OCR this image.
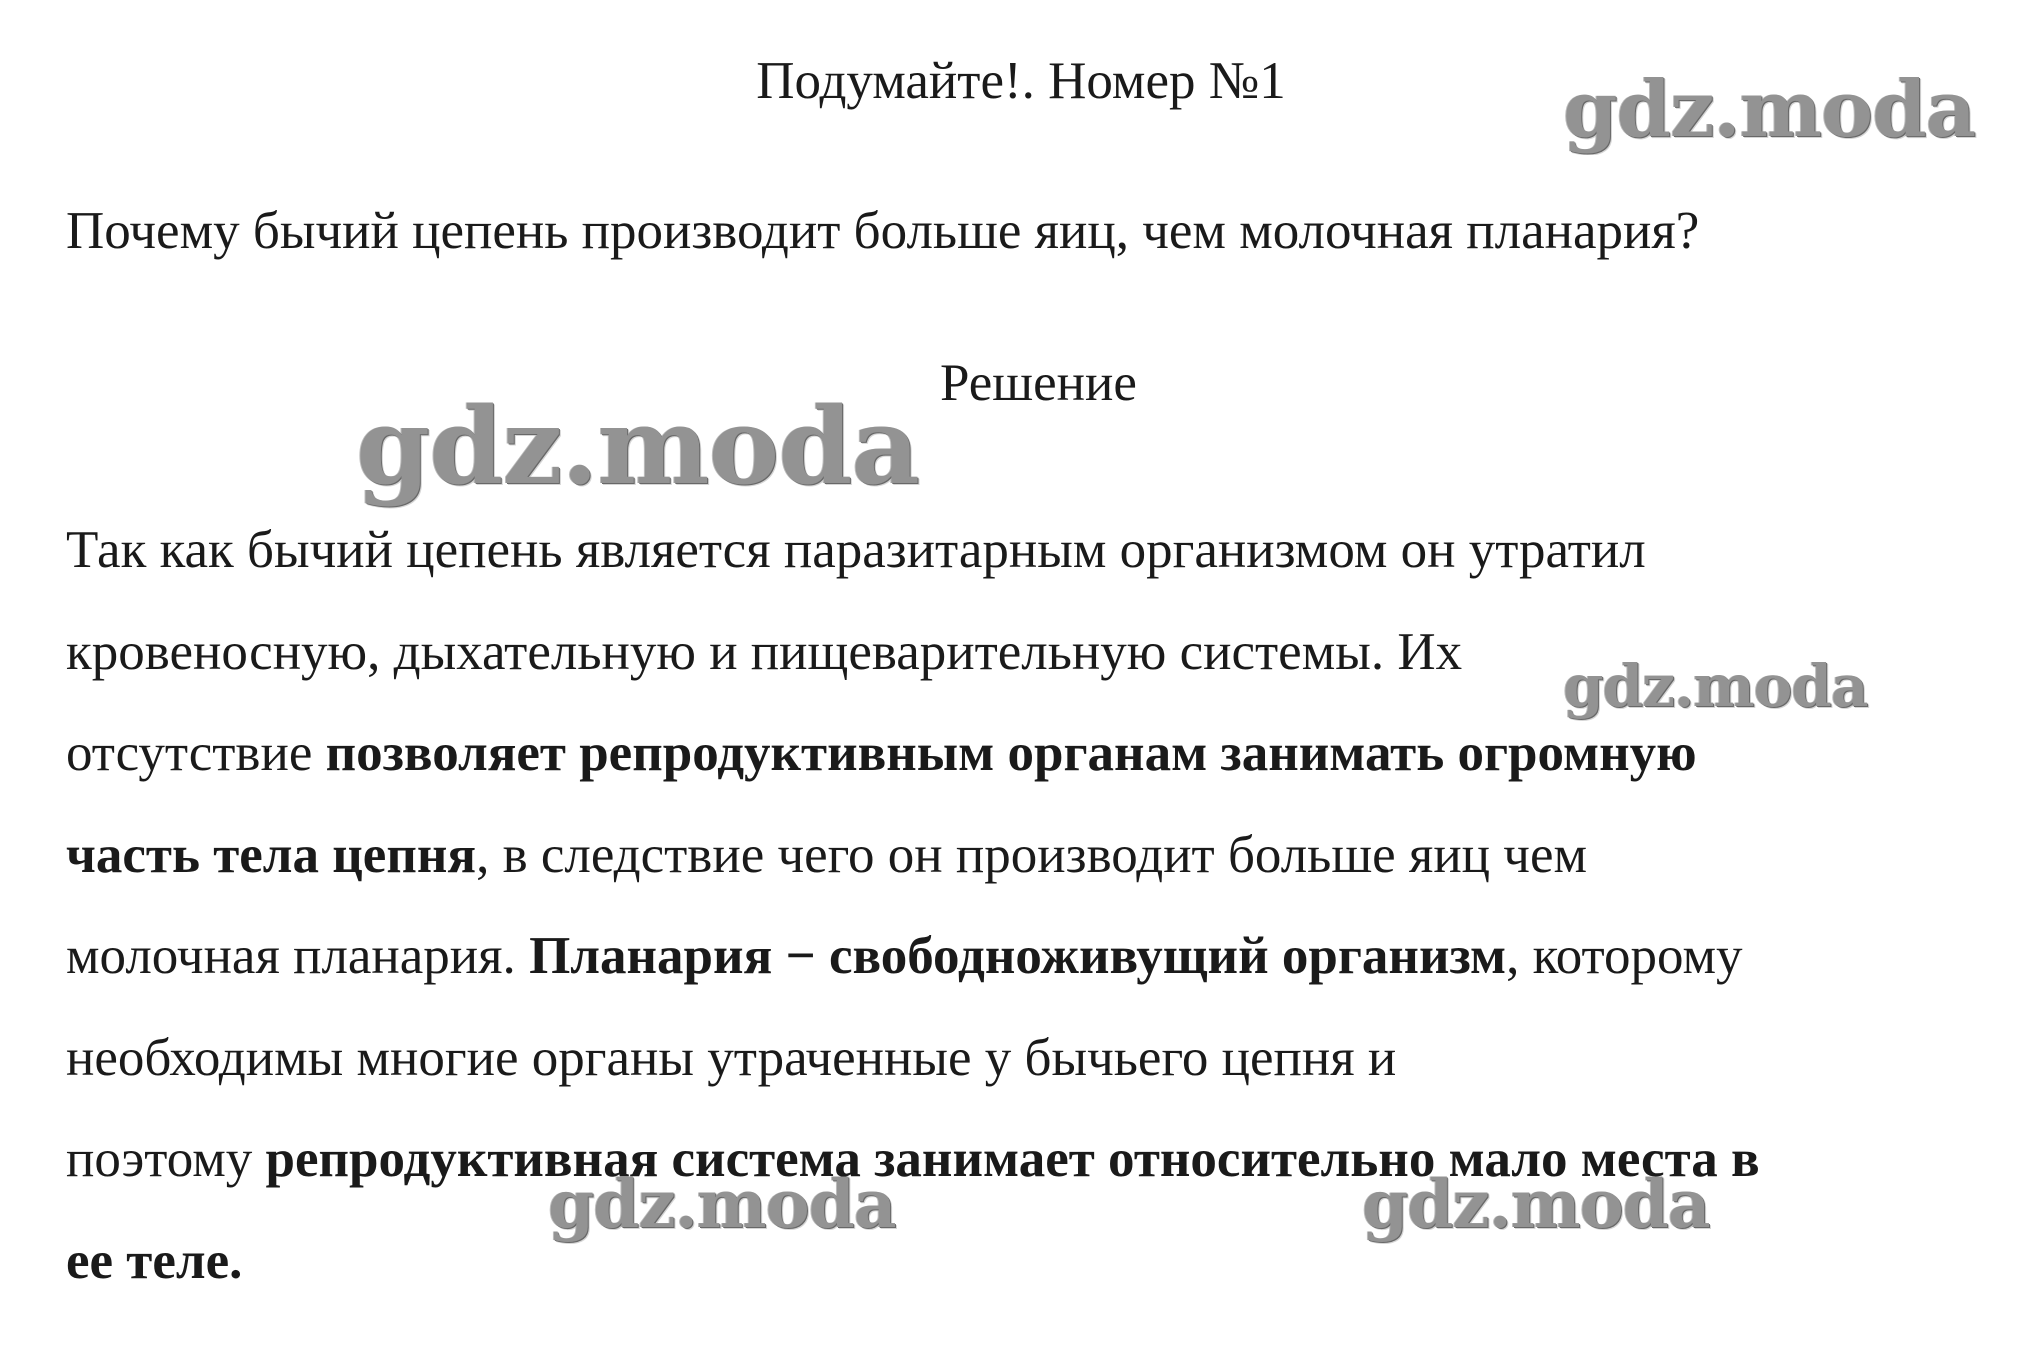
Подумайте!. Номер №1

Почему бычий цепень производит больше яиц, чем молочная планария?

Решение

Так как бычий цепень является паразитарным организмом он утратил
кровеносную, дыхательную и пищеварительную системы. Их
отсутствие позволяет репродуктивным органам занимать огромную
часть тела цепня, в следствие чего он производит больше яиц чем
молочная планария. Планария − свободноживущий организм, которому
необходимы многие органы утраченные у бычьего цепня и
поэтому репродуктивная система занимает относительно мало места в
ее теле.
gdz.moda
gdz.moda
gdz.moda
gdz.moda	gdz.moda
